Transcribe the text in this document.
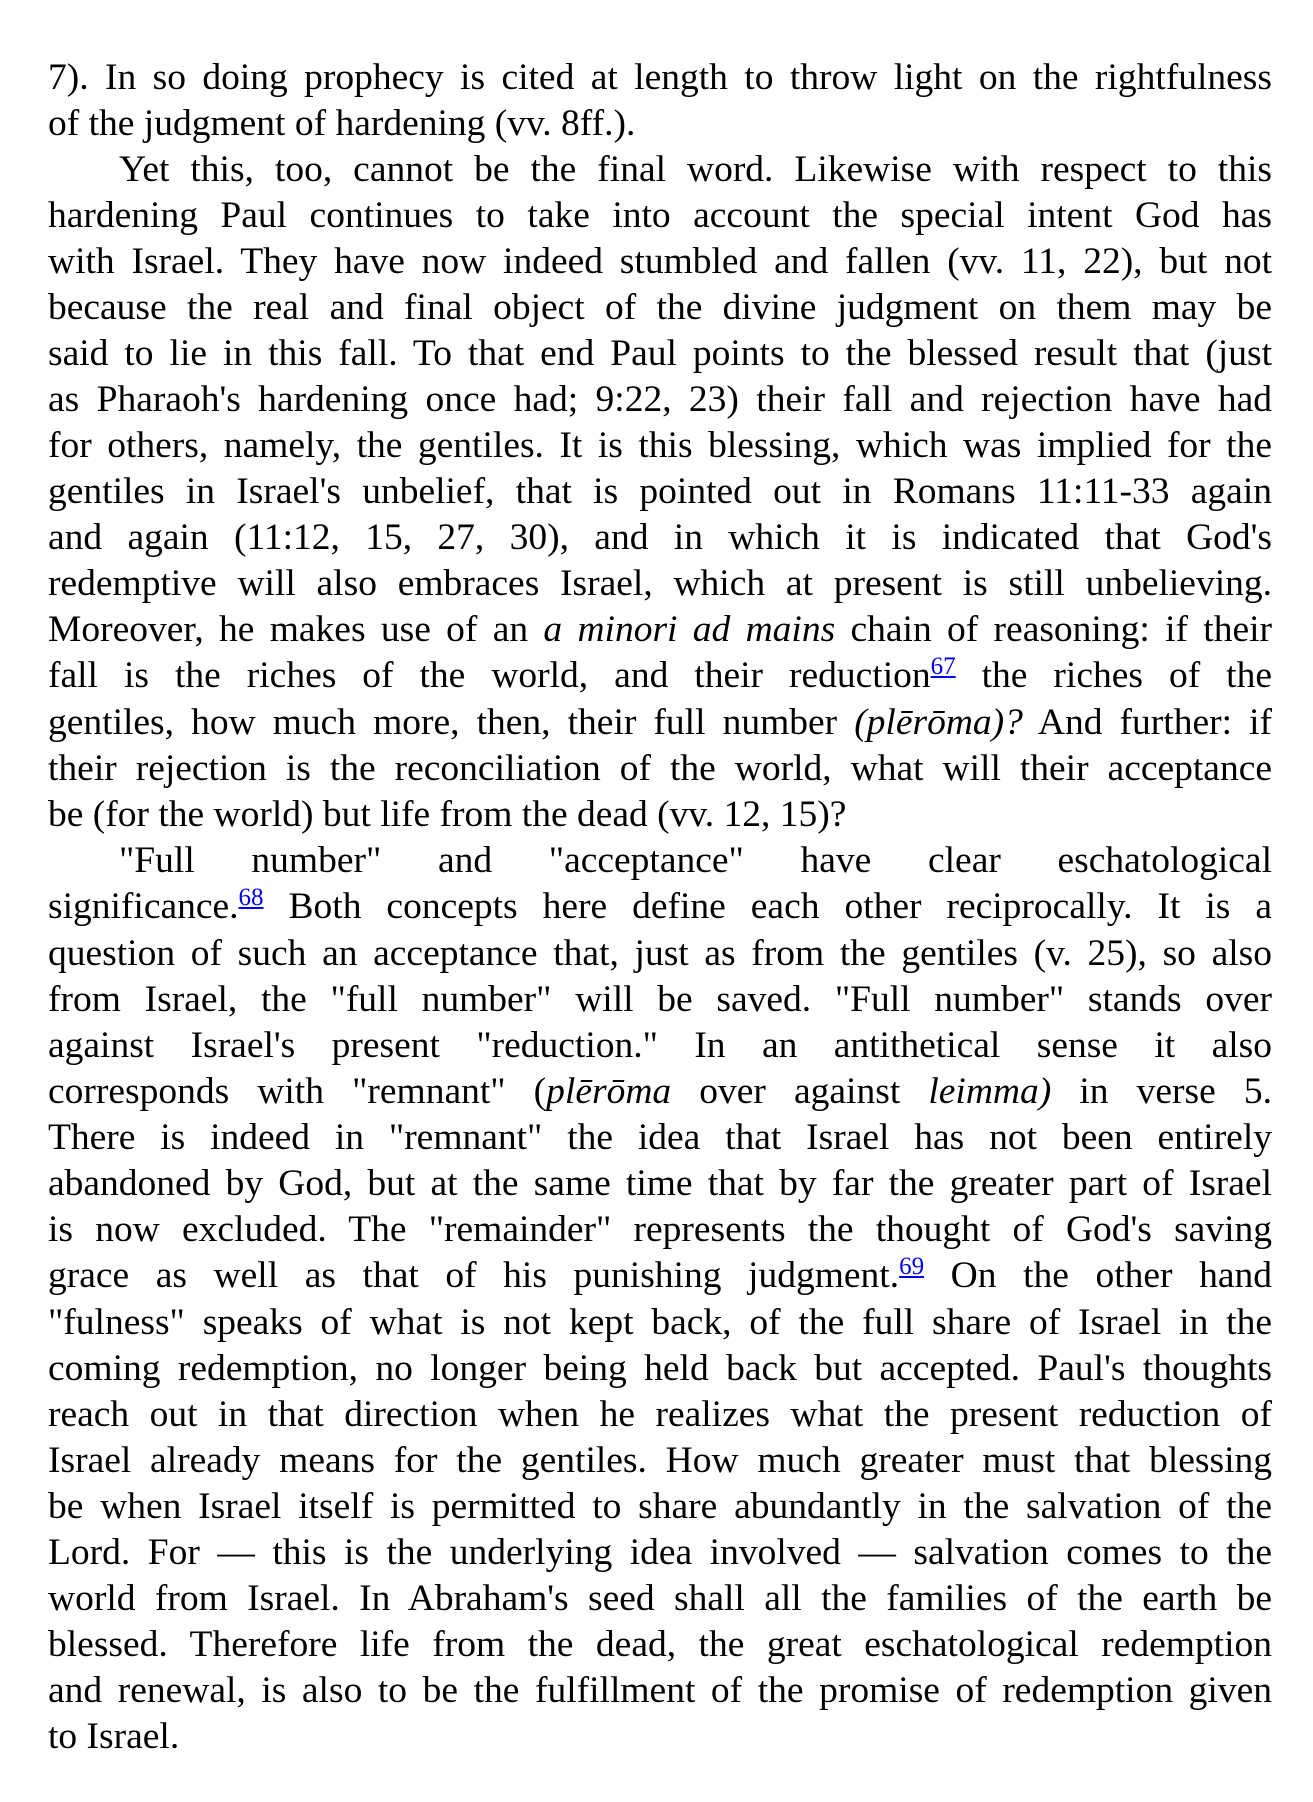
7). In so doing prophecy is cited at length to throw light on the rightfulness
of the judgment of hardening (vv. 8ff.).
Yet this, too, cannot be the final word. Likewise with respect to this
hardening Paul continues to take into account the special intent God has
with Israel. They have now indeed stumbled and fallen (vv. 11, 22), but not
because the real and final object of the divine judgment on them may be
said to lie in this fall. To that end Paul points to the blessed result that (just
as Pharaoh's hardening once had; 9:22, 23) their fall and rejection have had
for others, namely, the gentiles. It is this blessing, which was implied for the
gentiles in Israel's unbelief, that is pointed out in Romans 11:11-33 again
and again (11:12, 15, 27, 30), and in which it is indicated that God's
redemptive will also embraces Israel, which at present is still unbelieving.
Moreover, he makes use of an a minori ad mains chain of reasoning: if their
fall is the riches of the world, and their reduction$^{67}$ the riches of the
gentiles, how much more, then, their full number (plērōma)? And further: if
their rejection is the reconciliation of the world, what will their acceptance
be (for the world) but life from the dead (vv. 12, 15)?
"Full number" and "acceptance" have clear eschatological
significance.$^{68}$ Both concepts here define each other reciprocally. It is a
question of such an acceptance that, just as from the gentiles (v. 25), so also
from Israel, the "full number" will be saved. "Full number" stands over
against Israel's present "reduction." In an antithetical sense it also
corresponds with "remnant" (plērōma over against leimma) in verse 5.
There is indeed in "remnant" the idea that Israel has not been entirely
abandoned by God, but at the same time that by far the greater part of Israel
is now excluded. The "remainder" represents the thought of God's saving
grace as well as that of his punishing judgment.$^{69}$ On the other hand
"fulness" speaks of what is not kept back, of the full share of Israel in the
coming redemption, no longer being held back but accepted. Paul's thoughts
reach out in that direction when he realizes what the present reduction of
Israel already means for the gentiles. How much greater must that blessing
be when Israel itself is permitted to share abundantly in the salvation of the
Lord. For — this is the underlying idea involved — salvation comes to the
world from Israel. In Abraham's seed shall all the families of the earth be
blessed. Therefore life from the dead, the great eschatological redemption
and renewal, is also to be the fulfillment of the promise of redemption given
to Israel.
